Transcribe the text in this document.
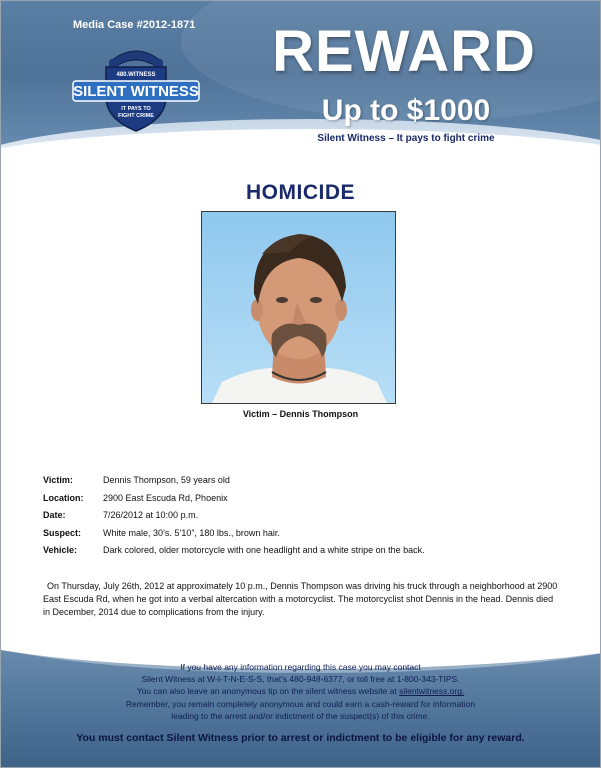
Media Case #2012-1871
480.WITNESS
SILENT WITNESS
IT PAYS TO
FIGHT CRIME
REWARD
Up to $1000
Silent Witness – It pays to fight crime
HOMICIDE
Victim – Dennis Thompson
Victim:	Dennis Thompson, 59 years old
Location:	2900 East Escuda Rd, Phoenix
Date:	7/26/2012 at 10:00 p.m.
Suspect:	White male, 30’s. 5’10”, 180 lbs., brown hair.
Vehicle:	Dark colored, older motorcycle with one headlight and a white stripe on the back.
On Thursday, July 26th, 2012 at approximately 10 p.m., Dennis Thompson was driving his truck through a neighborhood at 2900 East Escuda Rd, when he got into a verbal altercation with a motorcyclist. The motorcyclist shot Dennis in the head. Dennis died in December, 2014 due to complications from the injury.
If you have any information regarding this case you may contact
Silent Witness at W-I-T-N-E-S-S, that’s 480-948-6377, or toll free at 1-800-343-TIPS.
You can also leave an anonymous tip on the silent witness website at silentwitness.org.
Remember, you remain completely anonymous and could earn a cash-reward for information
leading to the arrest and/or indictment of the suspect(s) of this crime.
You must contact Silent Witness prior to arrest or indictment to be eligible for any reward.
